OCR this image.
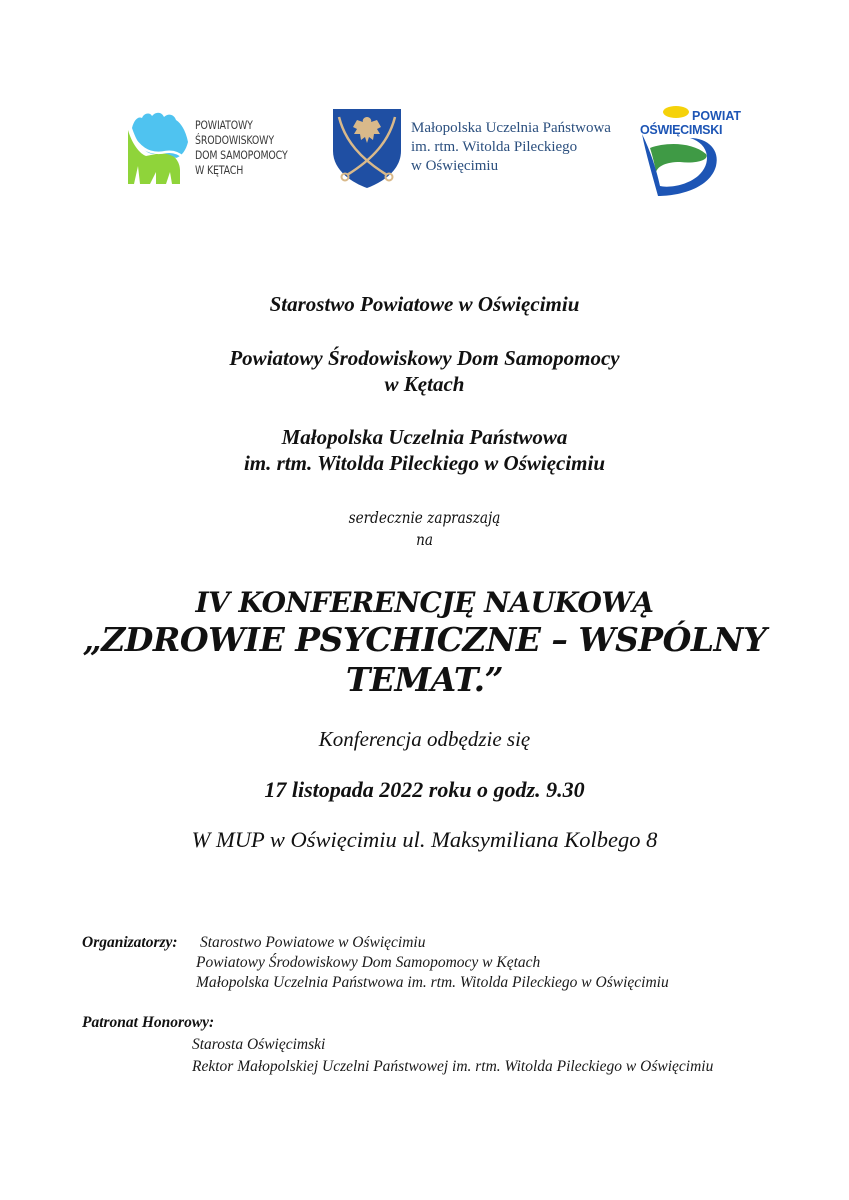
POWIATOWY
ŚRODOWISKOWY
DOM SAMOPOMOCY
W KĘTACH
Małopolska Uczelnia Państwowa
im. rtm. Witolda Pileckiego
w Oświęcimiu
POWIAT
OŚWIĘCIMSKI
Starostwo Powiatowe w Oświęcimiu
Powiatowy Środowiskowy Dom Samopomocy
w Kętach
Małopolska Uczelnia Państwowa
im. rtm. Witolda Pileckiego w Oświęcimiu
serdecznie zapraszają
na
IV KONFERENCJĘ NAUKOWĄ
„ZDROWIE PSYCHICZNE – WSPÓLNY
TEMAT.”
Konferencja odbędzie się
17 listopada 2022 roku o godz. 9.30
W MUP w Oświęcimiu ul. Maksymiliana Kolbego 8
Organizatorzy: Starostwo Powiatowe w Oświęcimiu
Powiatowy Środowiskowy Dom Samopomocy w Kętach
Małopolska Uczelnia Państwowa im. rtm. Witolda Pileckiego w Oświęcimiu
Patronat Honorowy:
Starosta Oświęcimski
Rektor Małopolskiej Uczelni Państwowej im. rtm. Witolda Pileckiego w Oświęcimiu
